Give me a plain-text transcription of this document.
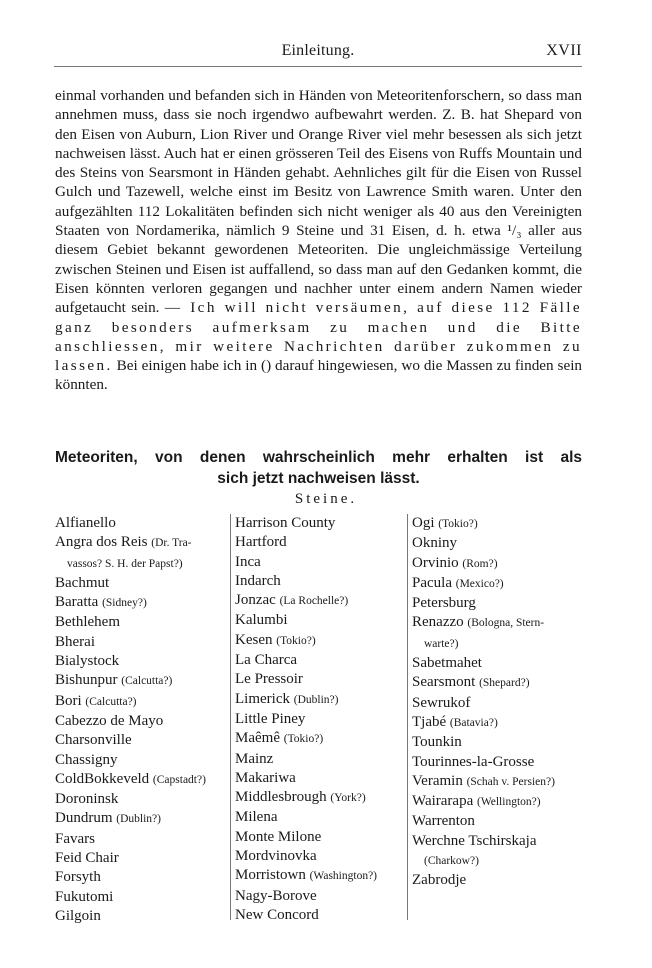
Einleitung.	XVII

einmal vorhanden und befanden sich in Händen von Meteoritenforschern, so dass man annehmen muss, dass sie noch irgendwo aufbewahrt werden. Z. B. hat Shepard von den Eisen von Auburn, Lion River und Orange River viel mehr besessen als sich jetzt nachweisen lässt. Auch hat er einen grösseren Teil des Eisens von Ruffs Mountain und des Steins von Searsmont in Händen gehabt. Aehnliches gilt für die Eisen von Russel Gulch und Tazewell, welche einst im Besitz von Lawrence Smith waren. Unter den aufgezählten 112 Lokalitäten befinden sich nicht weniger als 40 aus den Vereinigten Staaten von Nordamerika, nämlich 9 Steine und 31 Eisen, d. h. etwa ¹/₃ aller aus diesem Gebiet bekannt gewordenen Meteoriten. Die ungleichmässige Verteilung zwischen Steinen und Eisen ist auffallend, so dass man auf den Gedanken kommt, die Eisen könnten verloren gegangen und nachher unter einem andern Namen wieder aufgetaucht sein. — Ich will nicht versäumen, auf diese 112 Fälle ganz besonders aufmerksam zu machen und die Bitte anschliessen, mir weitere Nachrichten darüber zukommen zu lassen. Bei einigen habe ich in () darauf hingewiesen, wo die Massen zu finden sein könnten.

Meteoriten, von denen wahrscheinlich mehr erhalten ist als
sich jetzt nachweisen lässt.
Steine.
Alfianello
Angra dos Reis (Dr. Tra-
vassos? S. H. der Papst?)
Bachmut
Baratta (Sidney?)
Bethlehem
Bherai
Bialystock
Bishunpur (Calcutta?)
Bori (Calcutta?)
Cabezzo de Mayo
Charsonville
Chassigny
ColdBokkeveld (Capstadt?)
Doroninsk
Dundrum (Dublin?)
Favars
Feid Chair
Forsyth
Fukutomi
Gilgoin
Harrison County
Hartford
Inca
Indarch
Jonzac (La Rochelle?)
Kalumbi
Kesen (Tokio?)
La Charca
Le Pressoir
Limerick (Dublin?)
Little Piney
Maêmê (Tokio?)
Mainz
Makariwa
Middlesbrough (York?)
Milena
Monte Milone
Mordvinovka
Morristown (Washington?)
Nagy-Borove
New Concord
Ogi (Tokio?)
Okniny
Orvinio (Rom?)
Pacula (Mexico?)
Petersburg
Renazzo (Bologna, Stern-
warte?)
Sabetmahet
Searsmont (Shepard?)
Sewrukof
Tjabé (Batavia?)
Tounkin
Tourinnes-la-Grosse
Veramin (Schah v. Persien?)
Wairarapa (Wellington?)
Warrenton
Werchne Tschirskaja
(Charkow?)
Zabrodje
